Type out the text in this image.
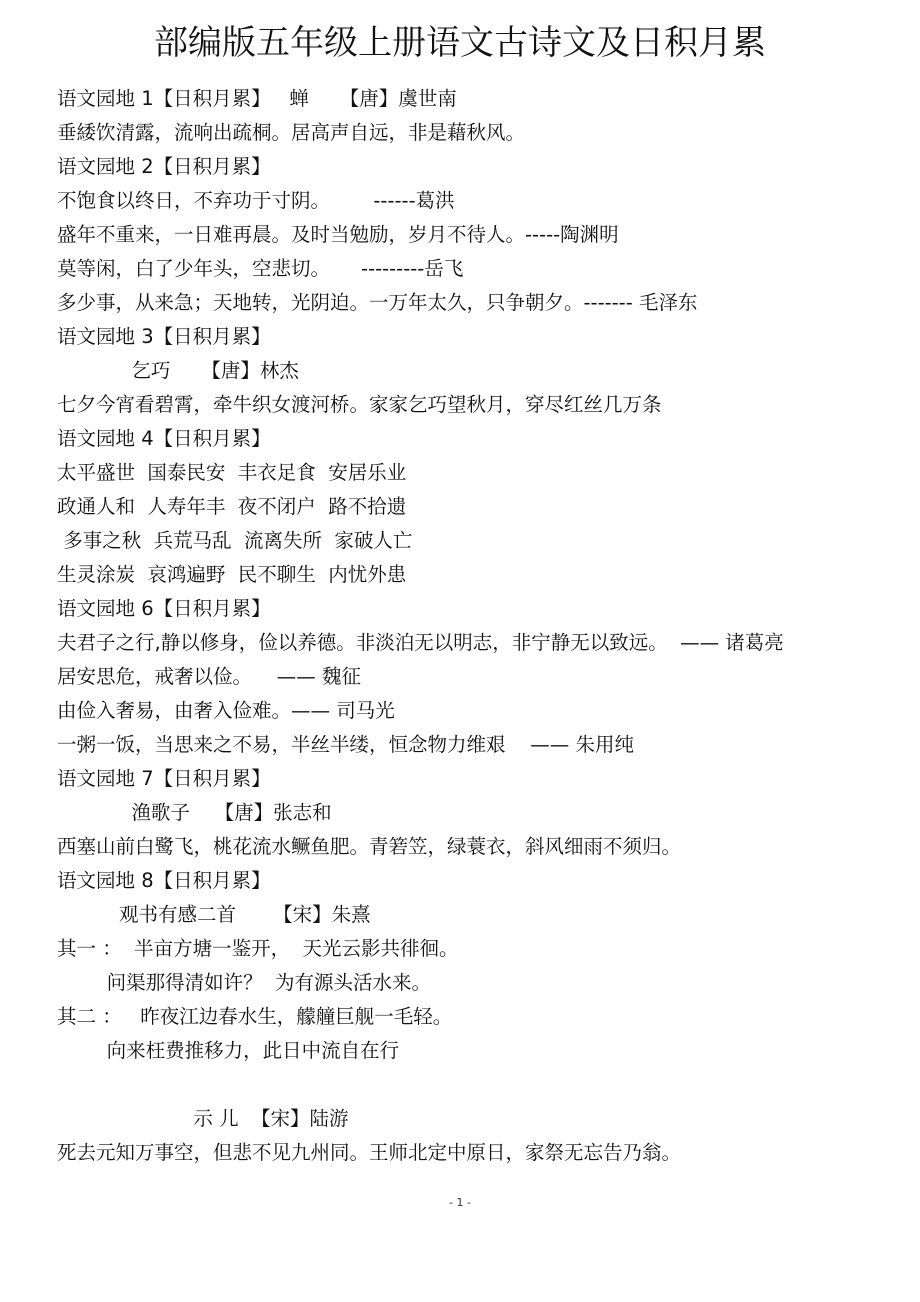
部编版五年级上册语文古诗文及日积月累
语文园地 1【日积月累】   蝉     【唐】虞世南
垂緌饮清露，流响出疏桐。居高声自远，非是藉秋风。
语文园地 2【日积月累】
不饱食以终日，不弃功于寸阴。       ------葛洪
盛年不重来，一日难再晨。及时当勉励，岁月不待人。-----陶渊明
莫等闲，白了少年头，空悲切。     ---------岳飞
多少事，从来急；天地转，光阴迫。一万年太久，只争朝夕。------- 毛泽东
语文园地 3【日积月累】
乞巧     【唐】林杰
七夕今宵看碧霄，牵牛织女渡河桥。家家乞巧望秋月，穿尽红丝几万条
语文园地 4【日积月累】
太平盛世  国泰民安  丰衣足食  安居乐业
政通人和  人寿年丰  夜不闭户  路不拾遗
多事之秋  兵荒马乱  流离失所  家破人亡
生灵涂炭  哀鸿遍野  民不聊生  内忧外患
语文园地 6【日积月累】
夫君子之行,静以修身，俭以养德。非淡泊无以明志，非宁静无以致远。  —— 诸葛亮
居安思危，戒奢以俭。    —— 魏征
由俭入奢易，由奢入俭难。—— 司马光
一粥一饭，当思来之不易，半丝半缕，恒念物力维艰    —— 朱用纯
语文园地 7【日积月累】
渔歌子    【唐】张志和
西塞山前白鹭飞，桃花流水鳜鱼肥。青箬笠，绿蓑衣，斜风细雨不须归。
语文园地 8【日积月累】
观书有感二首      【宋】朱熹
其一 ：  半亩方塘一鉴开，  天光云影共徘徊。
问渠那得清如许？  为有源头活水来。
其二 ：   昨夜江边春水生，艨艟巨舰一毛轻。
向来枉费推移力，此日中流自在行
示 儿  【宋】陆游
死去元知万事空，但悲不见九州同。王师北定中原日，家祭无忘告乃翁。
- 1 -
